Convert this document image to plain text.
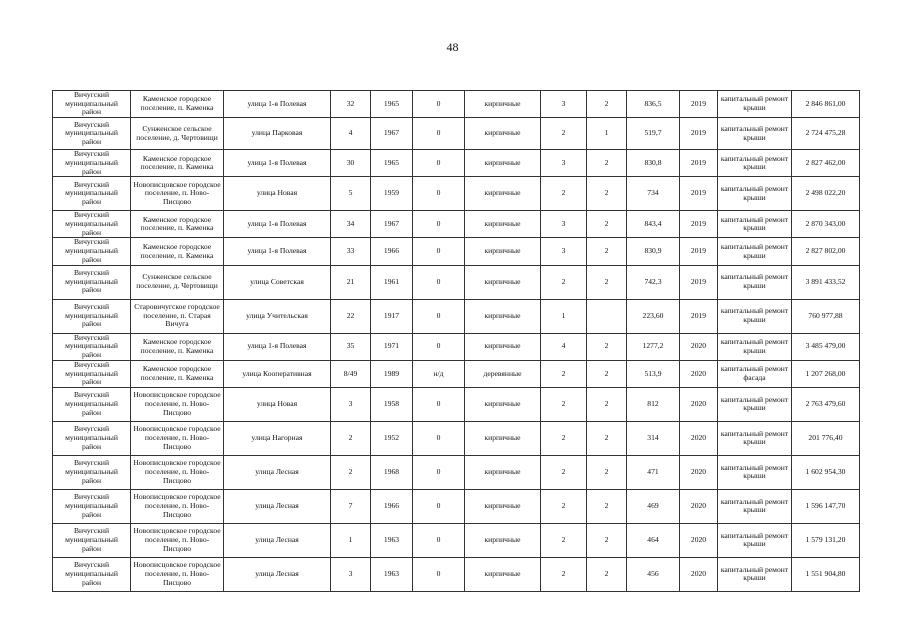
48
Вичугский муниципальный район	Каменское городское поселение, п. Каменка	улица 1-я Полевая	32	1965	0	кирпичные	3	2	836,5	2019	капитальный ремонт крыши	2 846 861,00
Вичугский муниципальный район	Сунженское сельское поселение, д. Чертовищи	улица Парковая	4	1967	0	кирпичные	2	1	519,7	2019	капитальный ремонт крыши	2 724 475,28
Вичугский муниципальный район	Каменское городское поселение, п. Каменка	улица 1-я Полевая	30	1965	0	кирпичные	3	2	830,8	2019	капитальный ремонт крыши	2 827 462,00
Вичугский муниципальный район	Новописцовское городское поселение, п. Ново-Писцово	улица Новая	5	1959	0	кирпичные	2	2	734	2019	капитальный ремонт крыши	2 498 022,20
Вичугский муниципальный район	Каменское городское поселение, п. Каменка	улица 1-я Полевая	34	1967	0	кирпичные	3	2	843,4	2019	капитальный ремонт крыши	2 870 343,00
Вичугский муниципальный район	Каменское городское поселение, п. Каменка	улица 1-я Полевая	33	1966	0	кирпичные	3	2	830,9	2019	капитальный ремонт крыши	2 827 802,00
Вичугский муниципальный район	Сунженское сельское поселение, д. Чертовищи	улица Советская	21	1961	0	кирпичные	2	2	742,3	2019	капитальный ремонт крыши	3 891 433,52
Вичугский муниципальный район	Старовичугское городское поселение, п. Старая Вичуга	улица Учительская	22	1917	0	кирпичные	1		223,60	2019	капитальный ремонт крыши	760 977,88
Вичугский муниципальный район	Каменское городское поселение, п. Каменка	улица 1-я Полевая	35	1971	0	кирпичные	4	2	1277,2	2020	капитальный ремонт крыши	3 485 479,00
Вичугский муниципальный район	Каменское городское поселение, п. Каменка	улица Кооперативная	8/49	1989	н/д	деревянные	2	2	513,9	2020	капитальный ремонт фасада	1 207 268,00
Вичугский муниципальный район	Новописцовское городское поселение, п. Ново-Писцово	улица Новая	3	1958	0	кирпичные	2	2	812	2020	капитальный ремонт крыши	2 763 479,60
Вичугский муниципальный район	Новописцовское городское поселение, п. Ново-Писцово	улица Нагорная	2	1952	0	кирпичные	2	2	314	2020	капитальный ремонт крыши	201 776,40
Вичугский муниципальный район	Новописцовское городское поселение, п. Ново-Писцово	улица Лесная	2	1968	0	кирпичные	2	2	471	2020	капитальный ремонт крыши	1 602 954,30
Вичугский муниципальный район	Новописцовское городское поселение, п. Ново-Писцово	улица Лесная	7	1966	0	кирпичные	2	2	469	2020	капитальный ремонт крыши	1 596 147,70
Вичугский муниципальный район	Новописцовское городское поселение, п. Ново-Писцово	улица Лесная	1	1963	0	кирпичные	2	2	464	2020	капитальный ремонт крыши	1 579 131,20
Вичугский муниципальный район	Новописцовское городское поселение, п. Ново-Писцово	улица Лесная	3	1963	0	кирпичные	2	2	456	2020	капитальный ремонт крыши	1 551 904,80
